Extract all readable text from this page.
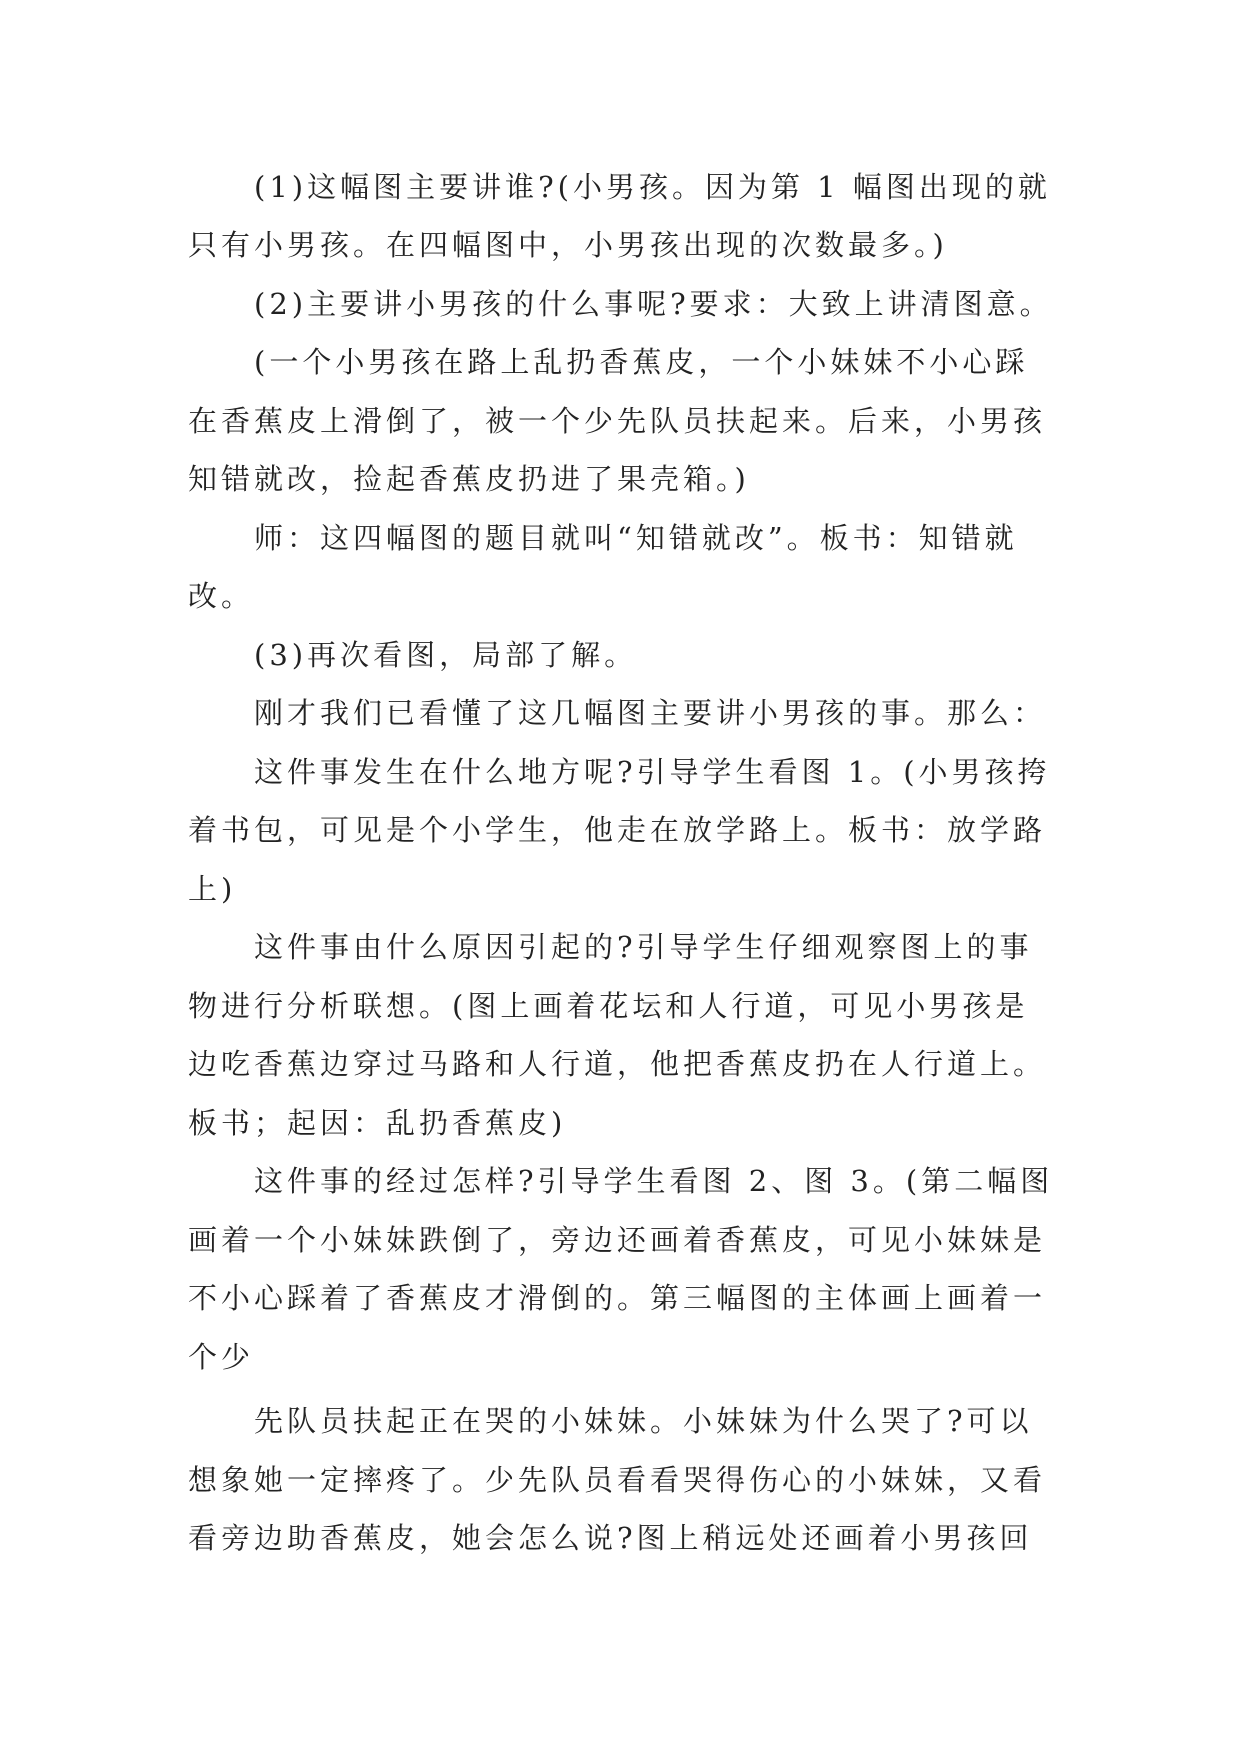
(1)这幅图主要讲谁?(小男孩。因为第 1 幅图出现的就
只有小男孩。在四幅图中，小男孩出现的次数最多。)
(2)主要讲小男孩的什么事呢?要求：大致上讲清图意。
(一个小男孩在路上乱扔香蕉皮，一个小妹妹不小心踩
在香蕉皮上滑倒了，被一个少先队员扶起来。后来，小男孩
知错就改，捡起香蕉皮扔进了果壳箱。)
师：这四幅图的题目就叫“知错就改”。板书：知错就
改。
(3)再次看图，局部了解。
刚才我们已看懂了这几幅图主要讲小男孩的事。那么：
这件事发生在什么地方呢?引导学生看图 1。(小男孩挎
着书包，可见是个小学生，他走在放学路上。板书：放学路
上)
这件事由什么原因引起的?引导学生仔细观察图上的事
物进行分析联想。(图上画着花坛和人行道，可见小男孩是
边吃香蕉边穿过马路和人行道，他把香蕉皮扔在人行道上。
板书；起因：乱扔香蕉皮)
这件事的经过怎样?引导学生看图 2、图 3。(第二幅图
画着一个小妹妹跌倒了，旁边还画着香蕉皮，可见小妹妹是
不小心踩着了香蕉皮才滑倒的。第三幅图的主体画上画着一
个少
先队员扶起正在哭的小妹妹。小妹妹为什么哭了?可以
想象她一定摔疼了。少先队员看看哭得伤心的小妹妹，又看
看旁边助香蕉皮，她会怎么说?图上稍远处还画着小男孩回
